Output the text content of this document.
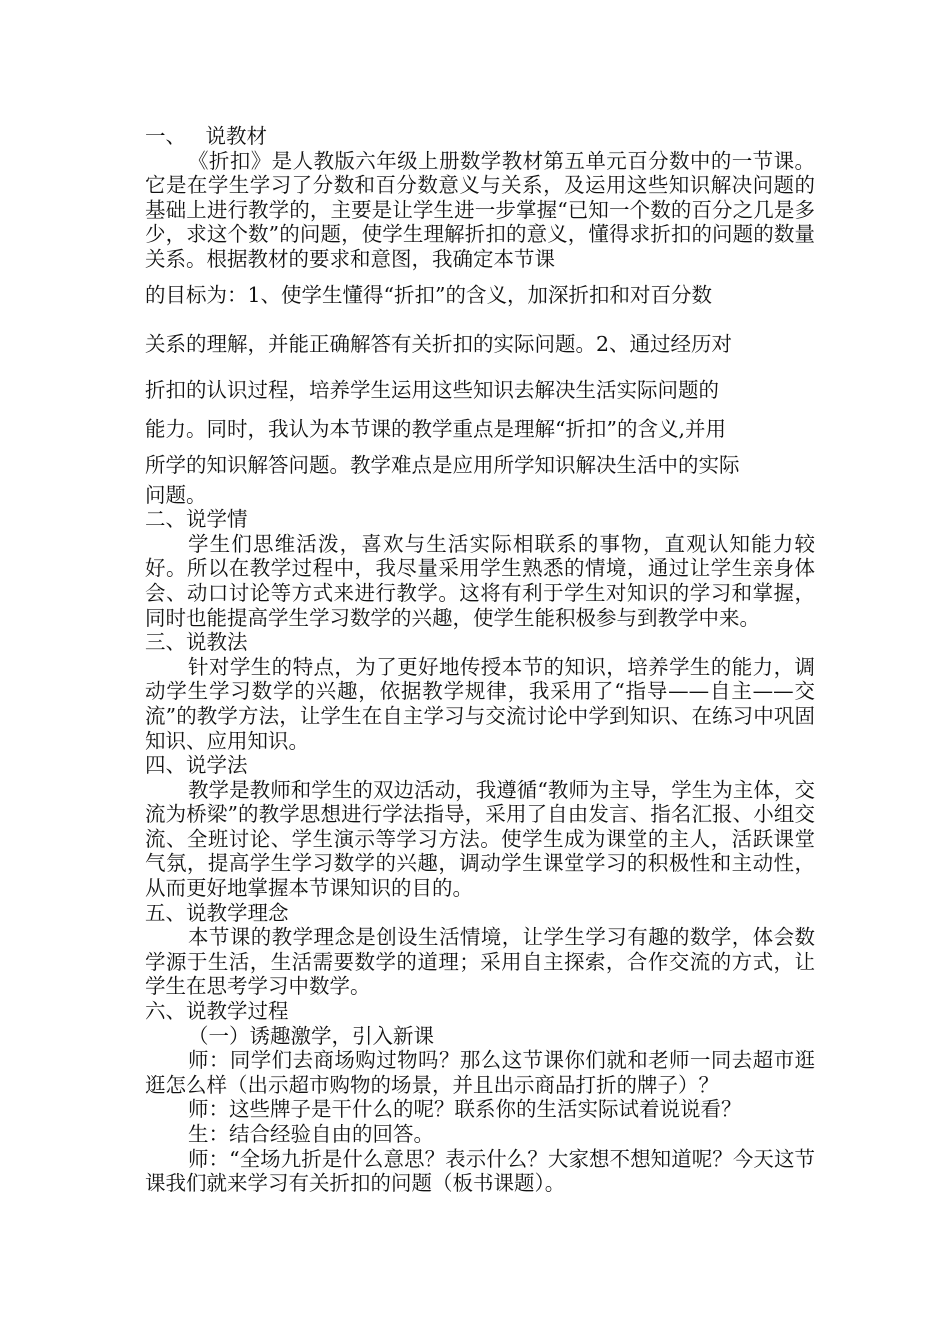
一、   说教材

《折扣》是人教版六年级上册数学教材第五单元百分数中的一节课。它是在学生学习了分数和百分数意义与关系，及运用这些知识解决问题的基础上进行教学的，主要是让学生进一步掌握“已知一个数的百分之几是多少，求这个数”的问题，使学生理解折扣的意义，懂得求折扣的问题的数量关系。根据教材的要求和意图，我确定本节课
的目标为：1、使学生懂得“折扣”的含义，加深折扣和对百分数
关系的理解，并能正确解答有关折扣的实际问题。2、通过经历对
折扣的认识过程，培养学生运用这些知识去解决生活实际问题的
能力。同时，我认为本节课的教学重点是理解“折扣”的含义,并用
所学的知识解答问题。教学难点是应用所学知识解决生活中的实际
问题。

二、说学情

学生们思维活泼，喜欢与生活实际相联系的事物，直观认知能力较好。所以在教学过程中，我尽量采用学生熟悉的情境，通过让学生亲身体会、动口讨论等方式来进行教学。这将有利于学生对知识的学习和掌握，同时也能提高学生学习数学的兴趣，使学生能积极参与到教学中来。

三、说教法

针对学生的特点，为了更好地传授本节的知识，培养学生的能力，调动学生学习数学的兴趣，依据教学规律，我采用了“指导——自主——交流”的教学方法，让学生在自主学习与交流讨论中学到知识、在练习中巩固知识、应用知识。

四、说学法

教学是教师和学生的双边活动，我遵循“教师为主导，学生为主体，交流为桥梁”的教学思想进行学法指导，采用了自由发言、指名汇报、小组交流、全班讨论、学生演示等学习方法。使学生成为课堂的主人，活跃课堂气氛，提高学生学习数学的兴趣，调动学生课堂学习的积极性和主动性，从而更好地掌握本节课知识的目的。

五、说教学理念

本节课的教学理念是创设生活情境，让学生学习有趣的数学，体会数学源于生活，生活需要数学的道理；采用自主探索，合作交流的方式，让学生在思考学习中数学。

六、说教学过程

（一）诱趣激学，引入新课

师：同学们去商场购过物吗？那么这节课你们就和老师一同去超市逛逛怎么样（出示超市购物的场景，并且出示商品打折的牌子）？

师：这些牌子是干什么的呢？联系你的生活实际试着说说看？

生：结合经验自由的回答。

师：“全场九折是什么意思？表示什么？大家想不想知道呢？今天这节课我们就来学习有关折扣的问题（板书课题）。
